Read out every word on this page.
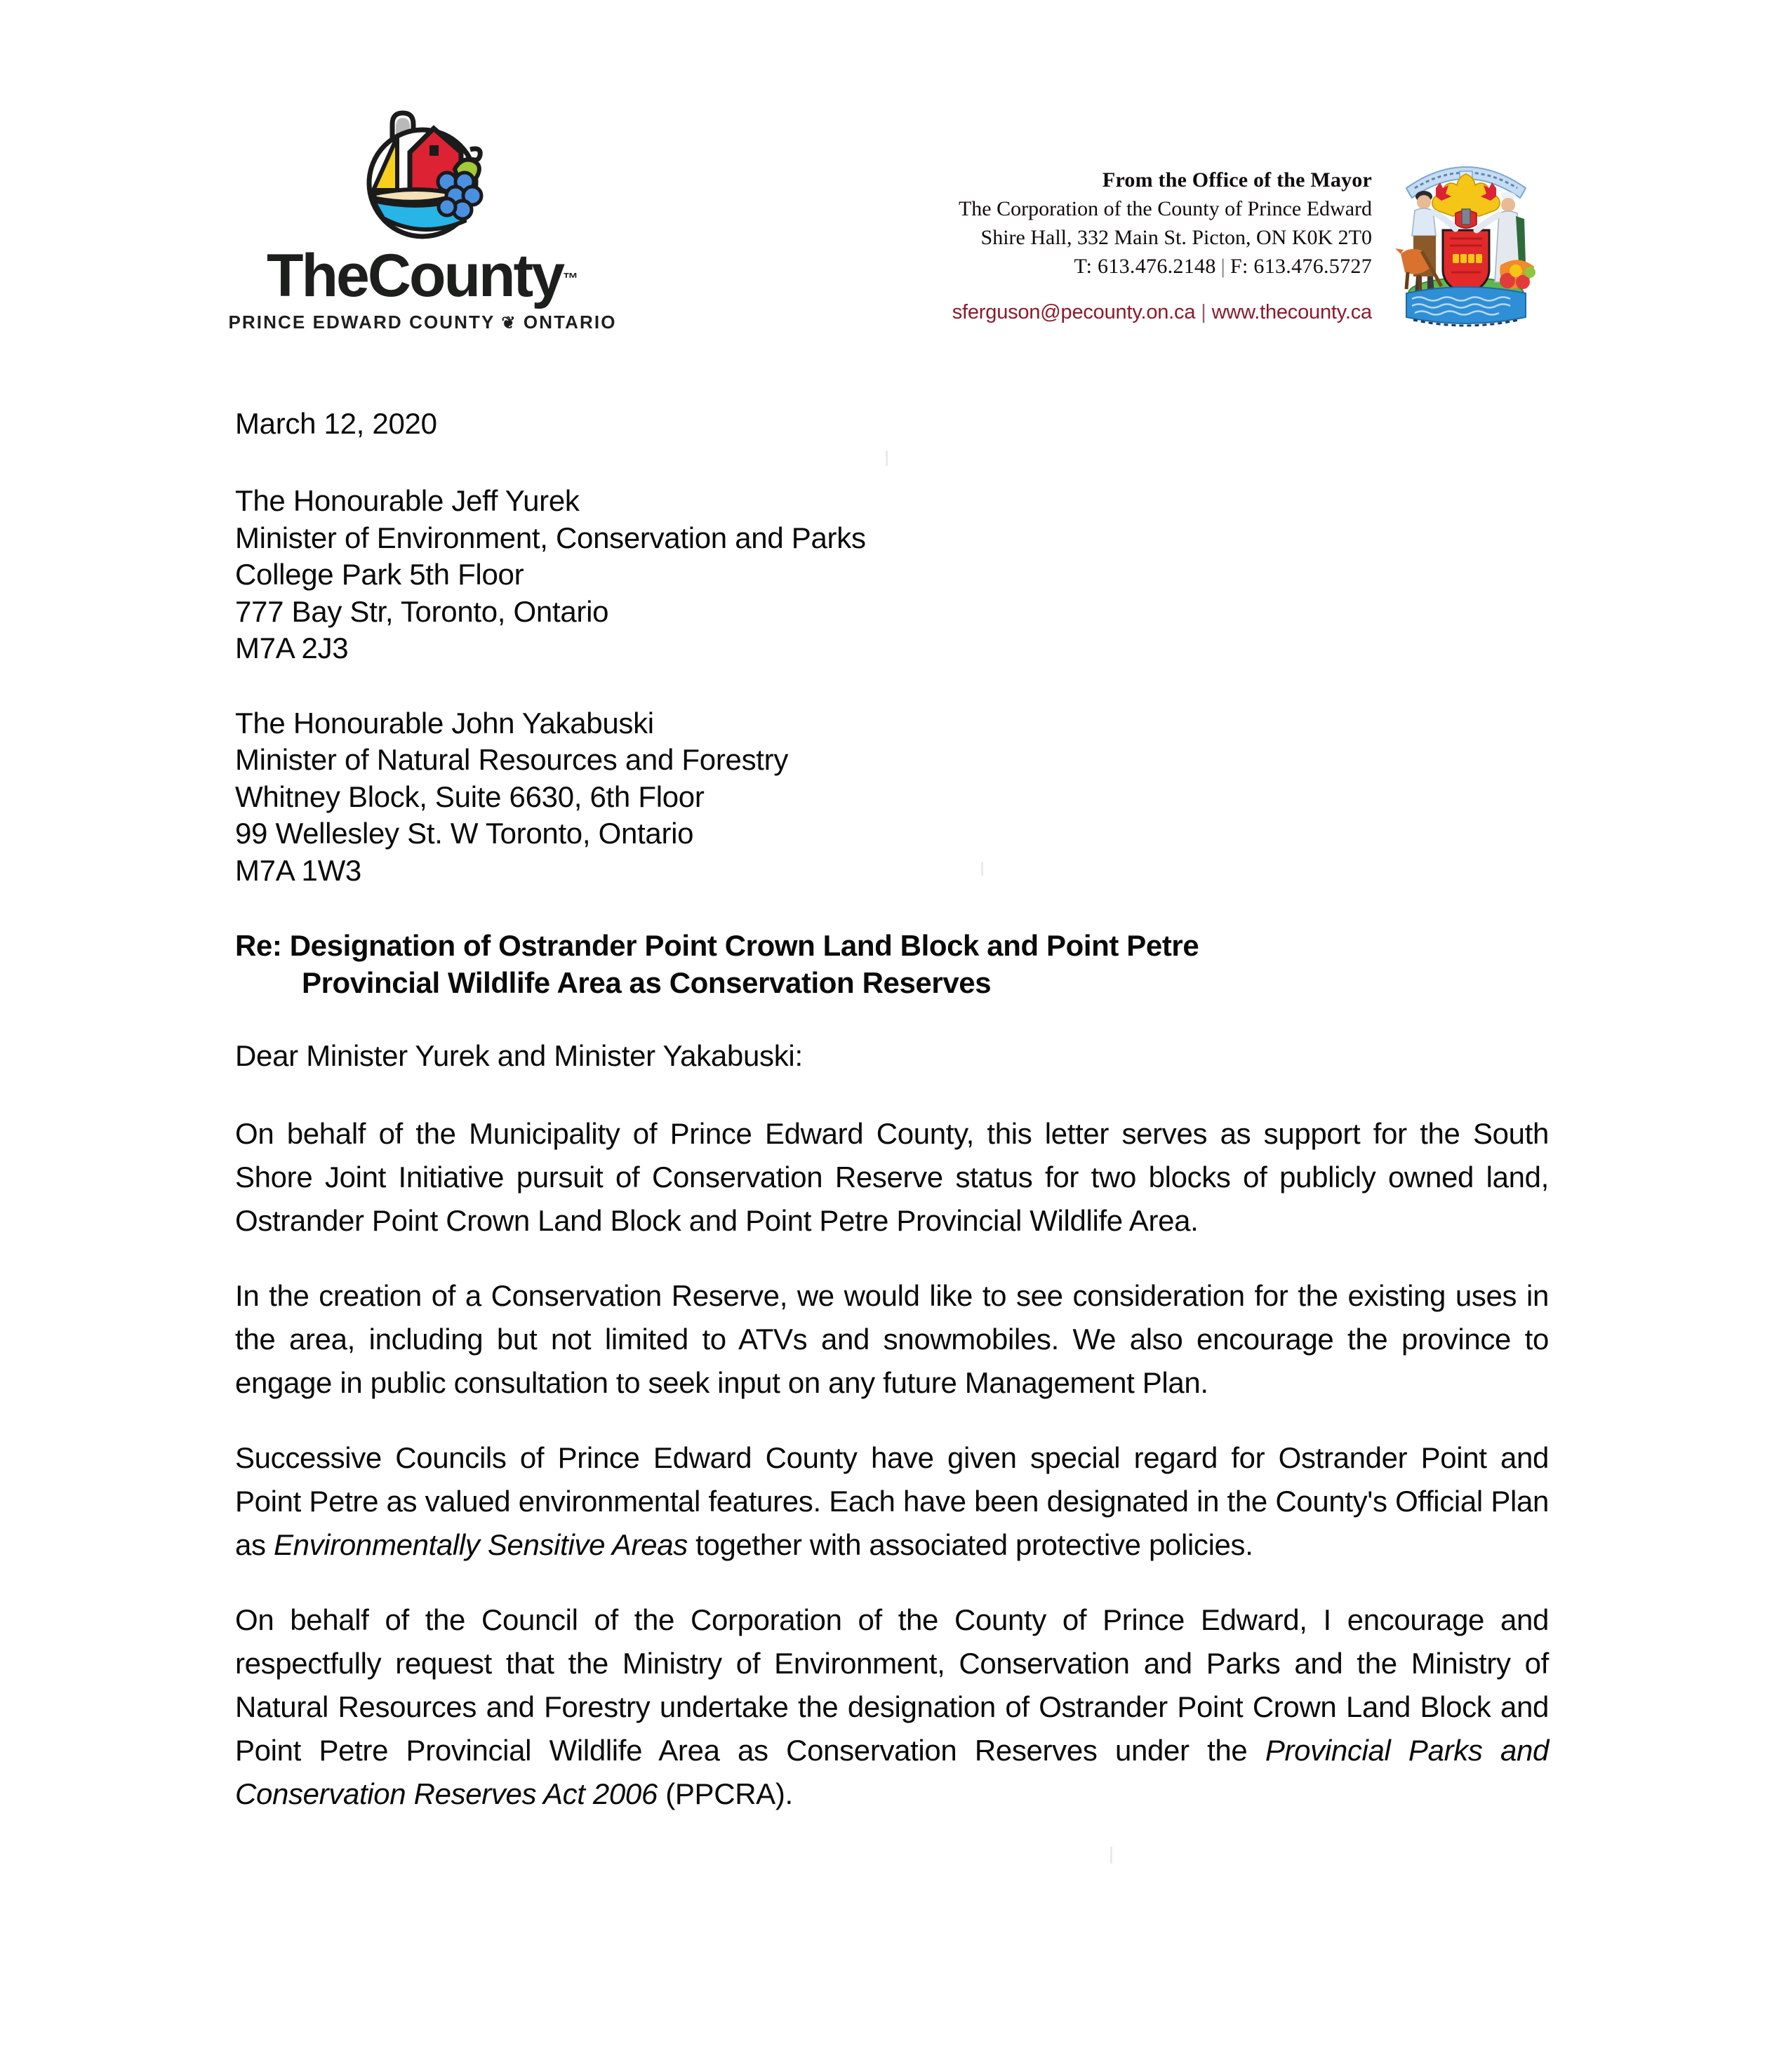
TheCounty™
PRINCE EDWARD COUNTY ❦ ONTARIO
From the Office of the Mayor
The Corporation of the County of Prince Edward
Shire Hall, 332 Main St. Picton, ON K0K 2T0
T: 613.476.2148 | F: 613.476.5727
sferguson@pecounty.on.ca | www.thecounty.ca
March 12, 2020
The Honourable Jeff Yurek
Minister of Environment, Conservation and Parks
College Park 5th Floor
777 Bay Str, Toronto, Ontario
M7A 2J3
The Honourable John Yakabuski
Minister of Natural Resources and Forestry
Whitney Block, Suite 6630, 6th Floor
99 Wellesley St. W Toronto, Ontario
M7A 1W3
Re: Designation of Ostrander Point Crown Land Block and Point Petre
Provincial Wildlife Area as Conservation Reserves
Dear Minister Yurek and Minister Yakabuski:

On behalf of the Municipality of Prince Edward County, this letter serves as support for the South Shore Joint Initiative pursuit of Conservation Reserve status for two blocks of publicly owned land, Ostrander Point Crown Land Block and Point Petre Provincial Wildlife Area.

In the creation of a Conservation Reserve, we would like to see consideration for the existing uses in the area, including but not limited to ATVs and snowmobiles. We also encourage the province to engage in public consultation to seek input on any future Management Plan.

Successive Councils of Prince Edward County have given special regard for Ostrander Point and Point Petre as valued environmental features. Each have been designated in the County's Official Plan as Environmentally Sensitive Areas together with associated protective policies.

On behalf of the Council of the Corporation of the County of Prince Edward, I encourage and respectfully request that the Ministry of Environment, Conservation and Parks and the Ministry of Natural Resources and Forestry undertake the designation of Ostrander Point Crown Land Block and Point Petre Provincial Wildlife Area as Conservation Reserves under the Provincial Parks and Conservation Reserves Act 2006 (PPCRA).
